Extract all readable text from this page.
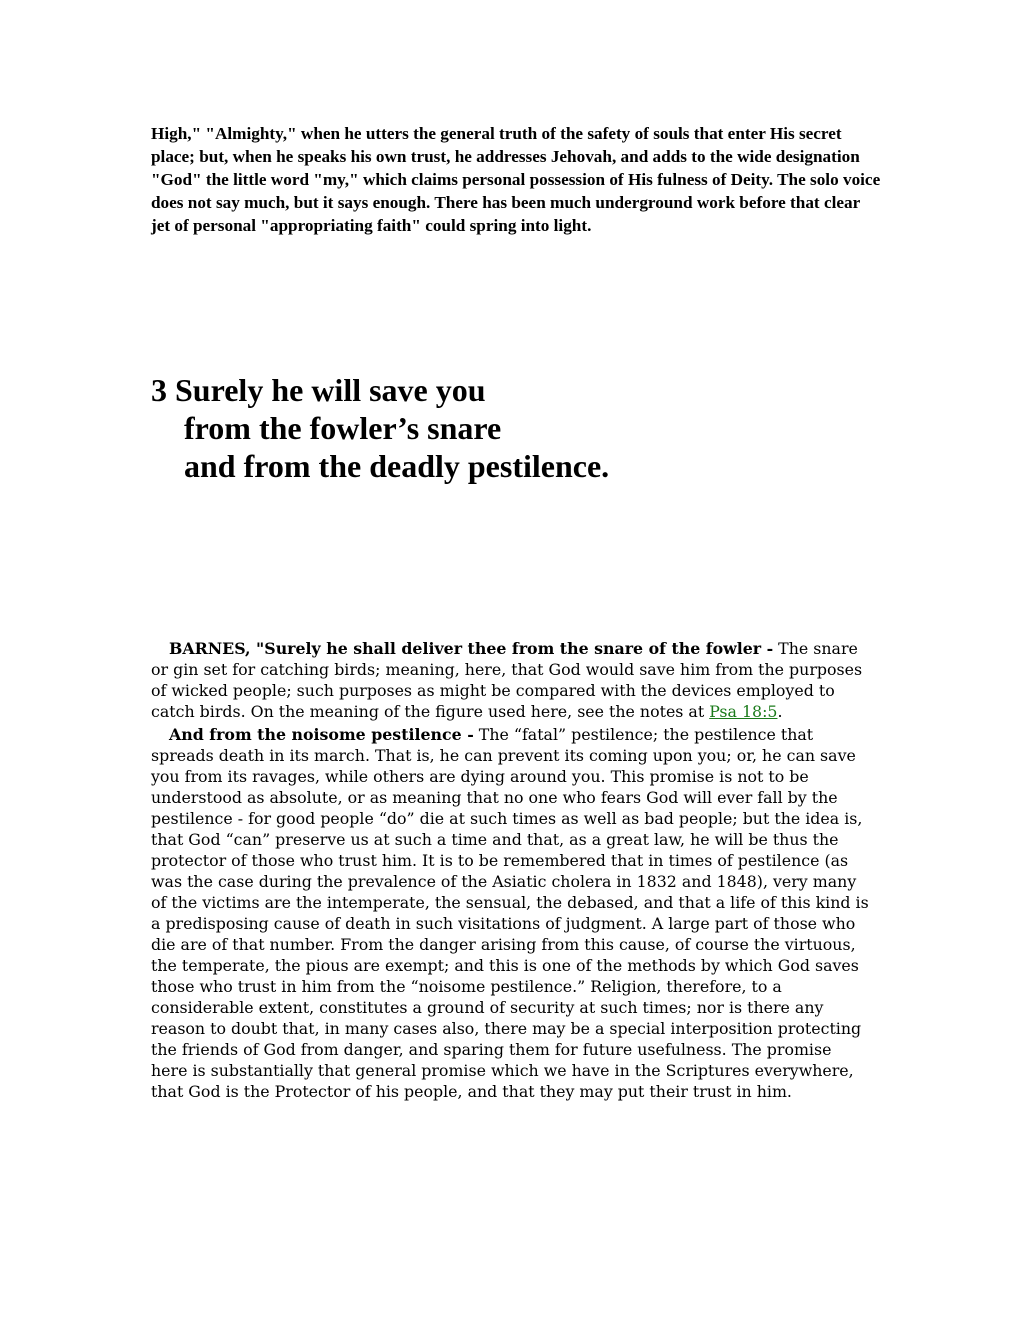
High," "Almighty," when he utters the general truth of the safety of souls that enter His secret place; but, when he speaks his own trust, he addresses Jehovah, and adds to the wide designation "God" the little word "my," which claims personal possession of His fulness of Deity. The solo voice does not say much, but it says enough. There has been much underground work before that clear jet of personal "appropriating faith" could spring into light.

3 Surely he will save you
from the fowler’s snare
and from the deadly pestilence.

BARNES, "Surely he shall deliver thee from the snare of the fowler - The snare or gin set for catching birds; meaning, here, that God would save him from the purposes of wicked people; such purposes as might be compared with the devices employed to catch birds. On the meaning of the figure used here, see the notes at Psa 18:5.

And from the noisome pestilence - The “fatal” pestilence; the pestilence that spreads death in its march. That is, he can prevent its coming upon you; or, he can save you from its ravages, while others are dying around you. This promise is not to be understood as absolute, or as meaning that no one who fears God will ever fall by the pestilence - for good people “do” die at such times as well as bad people; but the idea is, that God “can” preserve us at such a time and that, as a great law, he will be thus the protector of those who trust him. It is to be remembered that in times of pestilence (as was the case during the prevalence of the Asiatic cholera in 1832 and 1848), very many of the victims are the intemperate, the sensual, the debased, and that a life of this kind is a predisposing cause of death in such visitations of judgment. A large part of those who die are of that number. From the danger arising from this cause, of course the virtuous, the temperate, the pious are exempt; and this is one of the methods by which God saves those who trust in him from the “noisome pestilence.” Religion, therefore, to a considerable extent, constitutes a ground of security at such times; nor is there any reason to doubt that, in many cases also, there may be a special interposition protecting the friends of God from danger, and sparing them for future usefulness. The promise here is substantially that general promise which we have in the Scriptures everywhere, that God is the Protector of his people, and that they may put their trust in him.
